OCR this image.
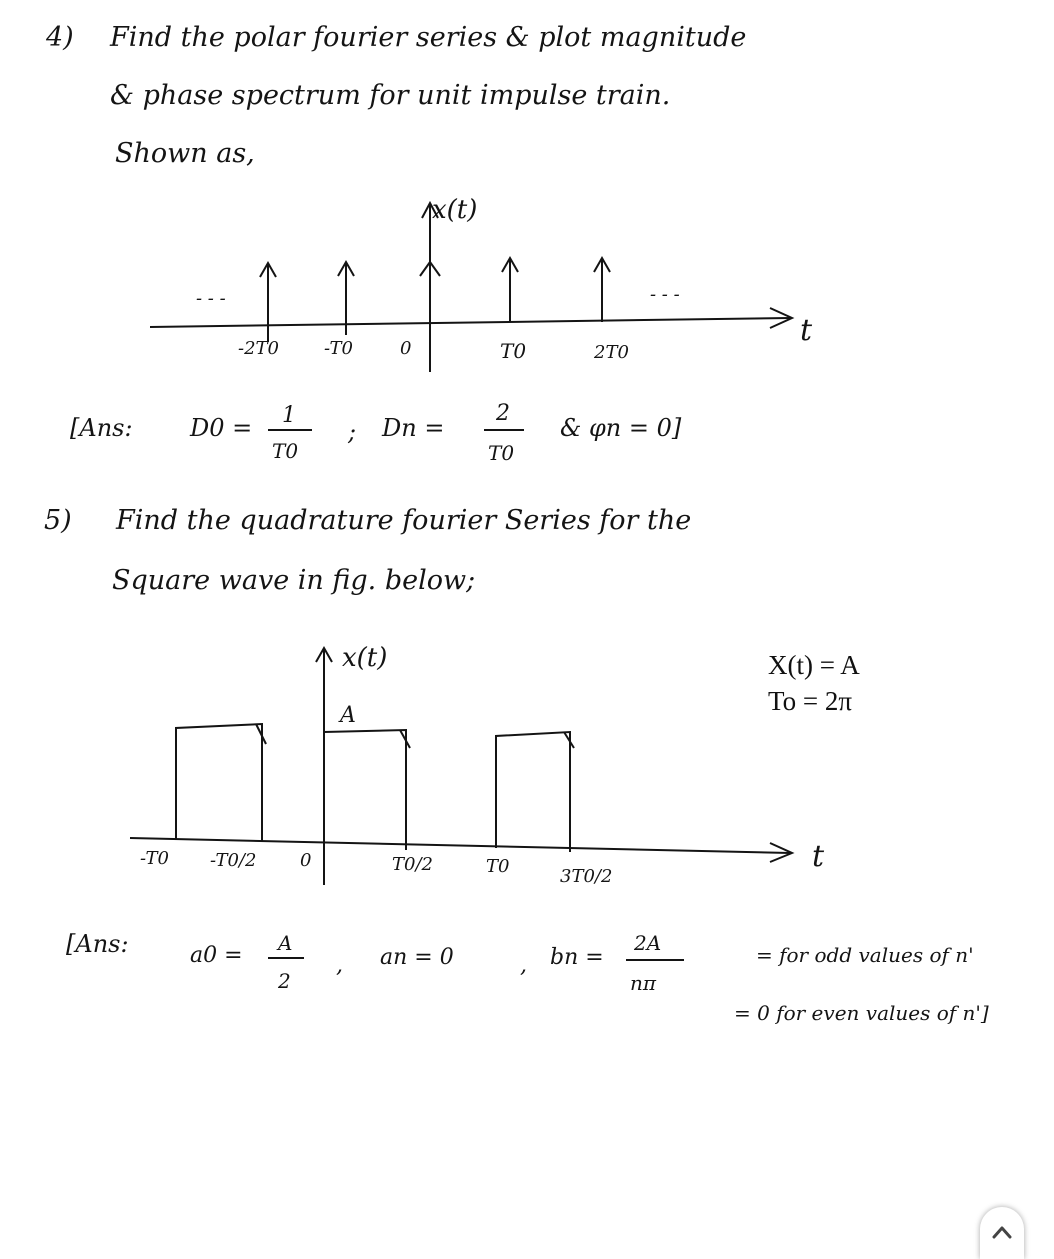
4) Find the polar fourier series & plot magnitude
& phase spectrum for unit impulse train.
Shown as,
x(t)
t
- - -	- - -
-2T0	-T0	0	T0	2T0
[Ans: D0 = 1
T0
; Dn =
2
T0
& φn = 0]
5) Find the quadrature fourier Series for the
Square wave in fig. below;
x(t)
A
t
-T0 -T0/2 0	T0/2	T0	3T0/2
X(t) = A
To = 2π
[Ans:	a0 = A
2
, an = 0	, bn =
2A
nπ
= for odd values of n'
= 0 for even values of n']
